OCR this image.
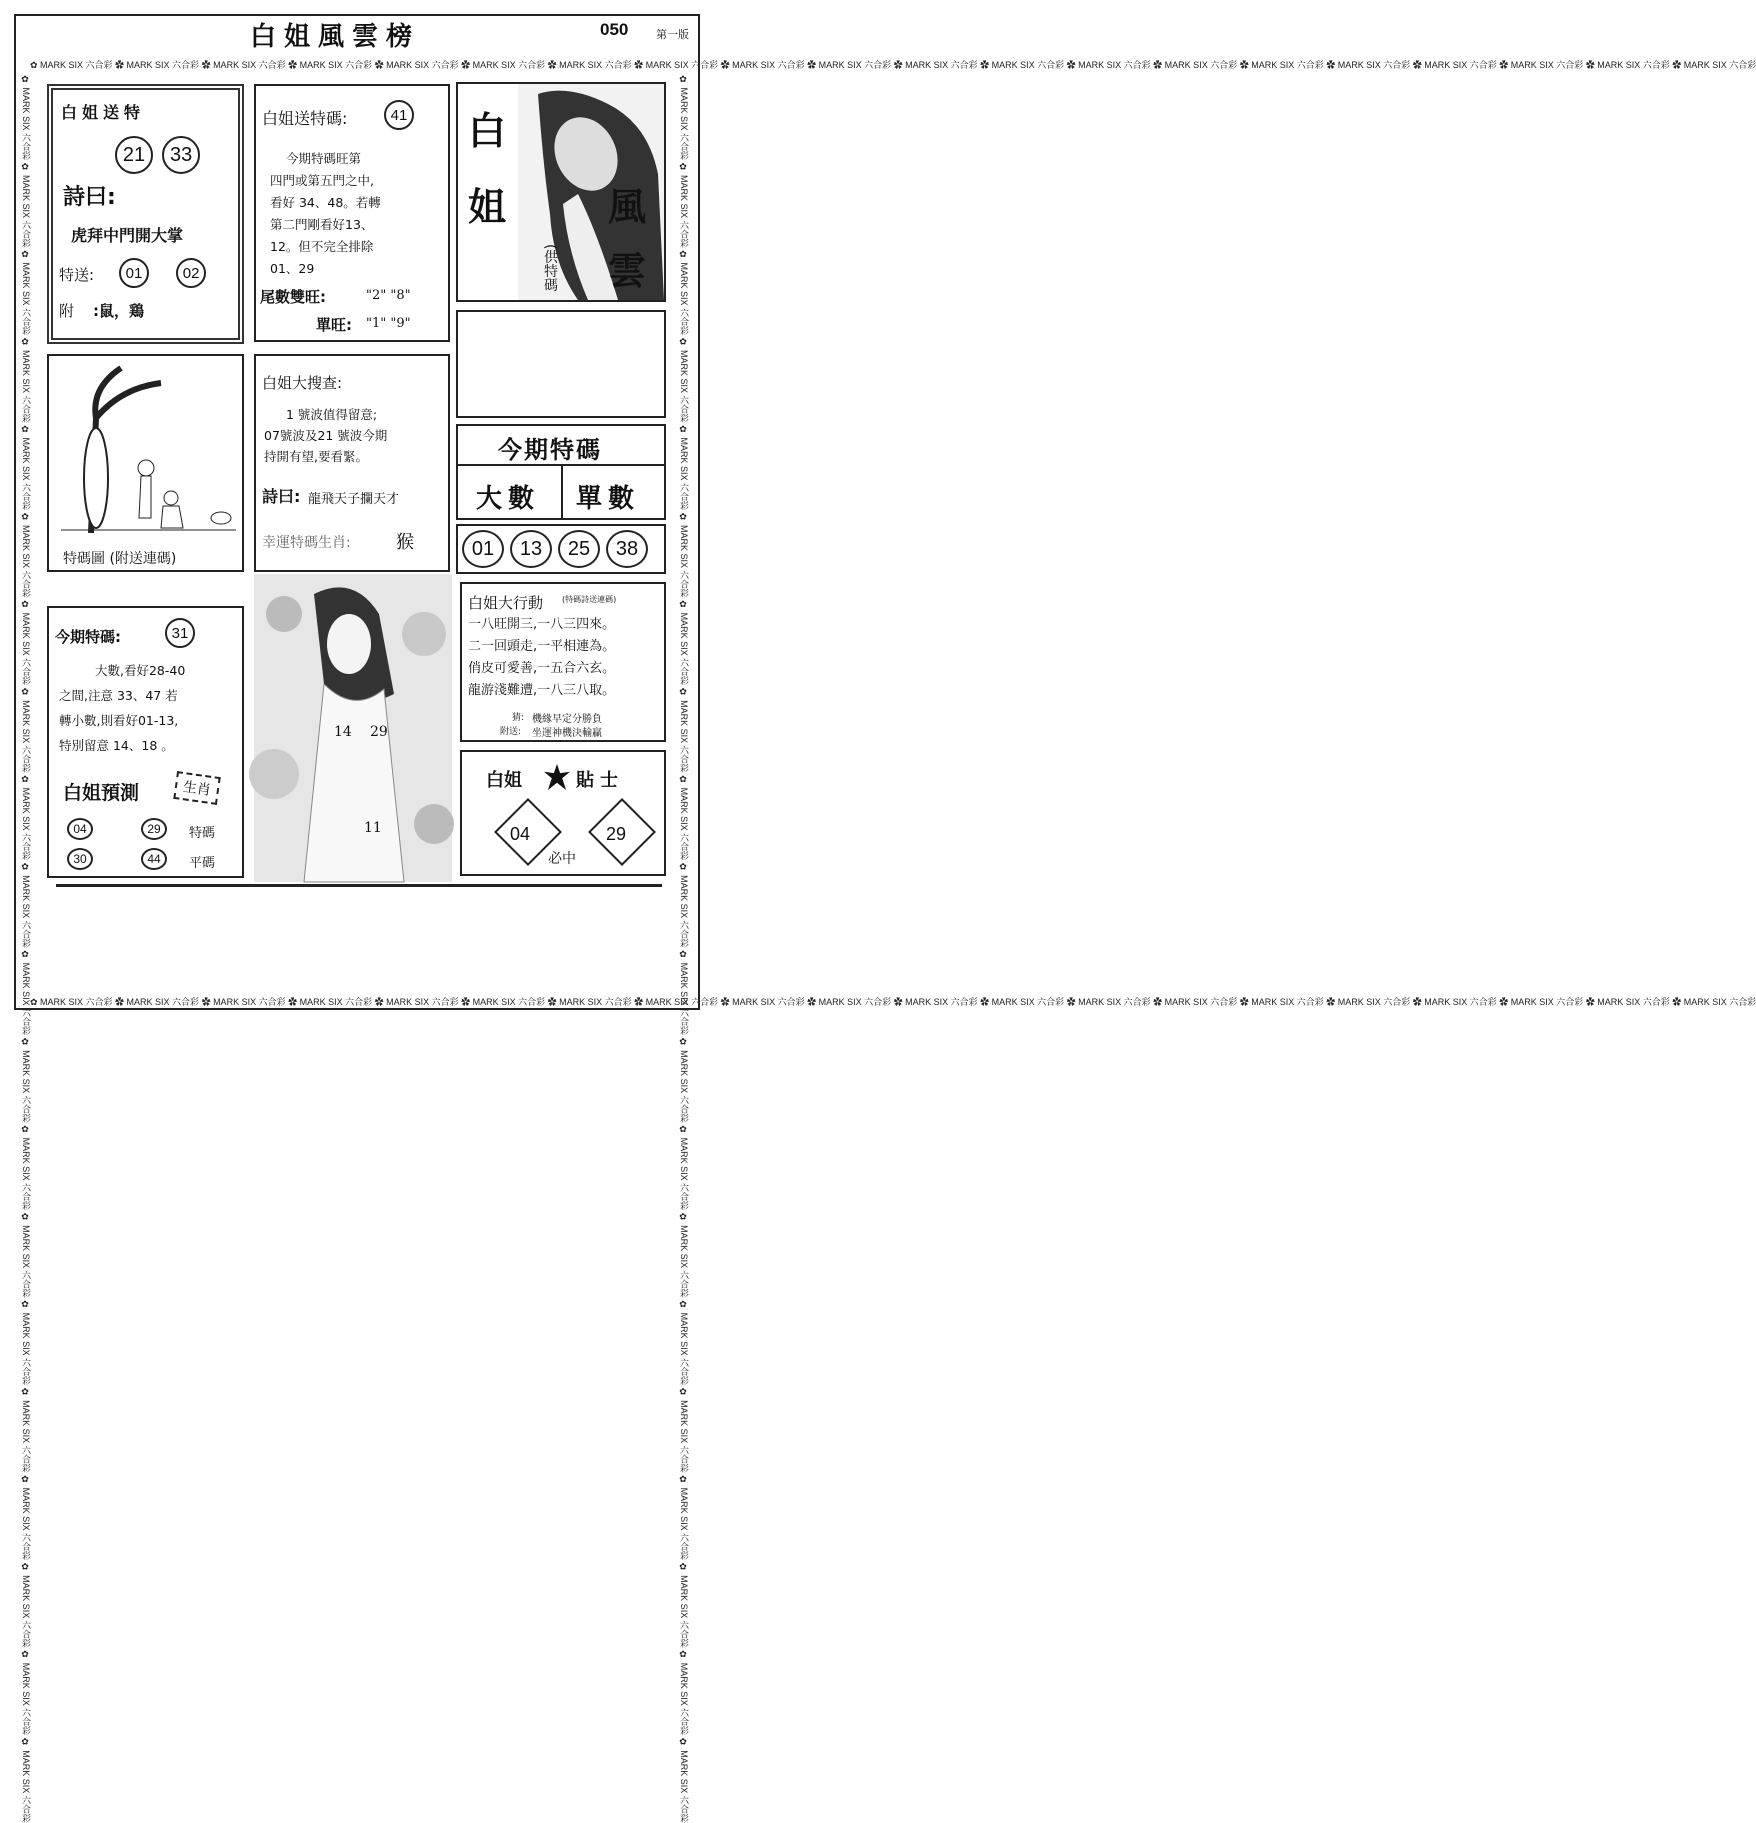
白姐風雲榜	050	第一版
✿ MARK SIX 六合彩 ✿ MARK SIX 六合彩 ✿ MARK SIX 六合彩 ✿ MARK SIX 六合彩 ✿ MARK SIX 六合彩 ✿ MARK SIX 六合彩 ✿ MARK SIX 六合彩 ✿ MARK SIX 六合彩 ✿ MARK SIX 六合彩 ✿ MARK SIX 六合彩 ✿ MARK SIX 六合彩 ✿ MARK SIX 六合彩 ✿ MARK SIX 六合彩 ✿ MARK SIX 六合彩 ✿ MARK SIX 六合彩 ✿ MARK SIX 六合彩 ✿ MARK SIX 六合彩 ✿ MARK SIX 六合彩 ✿ MARK SIX 六合彩 ✿ MARK SIX 六合彩
✿ MARK SIX 六合彩 ✿ MARK SIX 六合彩 ✿ MARK SIX 六合彩 ✿ MARK SIX 六合彩 ✿ MARK SIX 六合彩 ✿ MARK SIX 六合彩 ✿ MARK SIX 六合彩 ✿ MARK SIX 六合彩 ✿ MARK SIX 六合彩 ✿ MARK SIX 六合彩 ✿ MARK SIX 六合彩 ✿ MARK SIX 六合彩 ✿ MARK SIX 六合彩 ✿ MARK SIX 六合彩 ✿ MARK SIX 六合彩 ✿ MARK SIX 六合彩 ✿ MARK SIX 六合彩 ✿ MARK SIX 六合彩 ✿ MARK SIX 六合彩 ✿ MARK SIX 六合彩
✿ MARK SIX 六合彩 ✿ MARK SIX 六合彩 ✿ MARK SIX 六合彩 ✿ MARK SIX 六合彩 ✿ MARK SIX 六合彩 ✿ MARK SIX 六合彩 ✿ MARK SIX 六合彩 ✿ MARK SIX 六合彩 ✿ MARK SIX 六合彩 ✿ MARK SIX 六合彩 ✿ MARK SIX 六合彩 ✿ MARK SIX 六合彩 ✿ MARK SIX 六合彩 ✿ MARK SIX 六合彩 ✿ MARK SIX 六合彩 ✿ MARK SIX 六合彩 ✿ MARK SIX 六合彩 ✿ MARK SIX 六合彩 ✿ MARK SIX 六合彩 ✿ MARK SIX 六合彩	✿ MARK SIX 六合彩 ✿ MARK SIX 六合彩 ✿ MARK SIX 六合彩 ✿ MARK SIX 六合彩 ✿ MARK SIX 六合彩 ✿ MARK SIX 六合彩 ✿ MARK SIX 六合彩 ✿ MARK SIX 六合彩 ✿ MARK SIX 六合彩 ✿ MARK SIX 六合彩 ✿ MARK SIX 六合彩 ✿ MARK SIX 六合彩 ✿ MARK SIX 六合彩 ✿ MARK SIX 六合彩 ✿ MARK SIX 六合彩 ✿ MARK SIX 六合彩 ✿ MARK SIX 六合彩 ✿ MARK SIX 六合彩 ✿ MARK SIX 六合彩 ✿ MARK SIX 六合彩
白姐送特
21 33
詩曰:
虎拜中門開大掌
特送:	01	02
附 :鼠，鶏
白姐送特碼:	41
今期特碼旺第
四門或第五門之中,
看好 34、48。若轉
第二門剛看好13、
12。但不完全排除
01、29
尾數雙旺:	"2" "8"
單旺: "1" "9"
白
姐	風
雲
(供特碼
特碼圖 (附送連碼)
白姐大搜查:
1 號波值得留意;
07號波及21 號波今期
持開有望,要看緊。
詩曰: 龍飛天子攔天才
幸運特碼生肖:	猴
今期特碼
大數 單數
01	13	25	38
今期特碼:	31
大數,看好28-40
之間,注意 33、47 若
轉小數,則看好01-13,
特別留意 14、18 。
白姐預測	生肖
04	29	特碼
30	44	平碼
14 29
11
白姐大行動 (特碼詩送連碼)
一八旺開三,一八三四來。
二一回頭走,一平相連為。
俏皮可愛善,一五合六玄。
龍游淺難遭,一八三八取。
猜: 機緣早定分勝負
附送: 坐運神機決輸贏
白姐	貼士
04	29
必中
